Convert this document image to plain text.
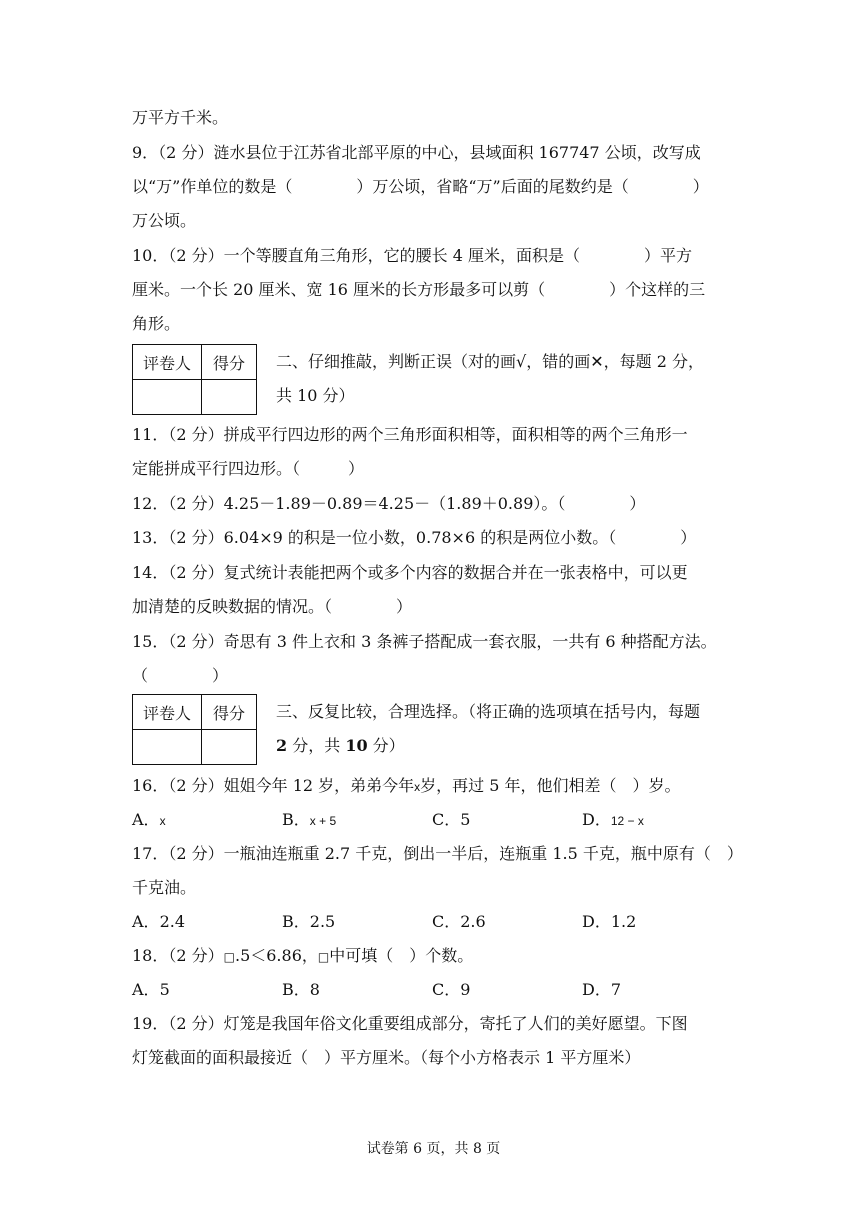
万平方千米。
9．（2 分）涟水县位于江苏省北部平原的中心，县域面积 167747 公顷，改写成
以“万”作单位的数是（　　　　）万公顷，省略“万”后面的尾数约是（　　　　）
万公顷。
10．（2 分）一个等腰直角三角形，它的腰长 4 厘米，面积是（　　　　）平方
厘米。一个长 20 厘米、宽 16 厘米的长方形最多可以剪（　　　　）个这样的三
角形。
评卷人	得分
	二、仔细推敲，判断正误（对的画√，错的画✕，每题 2 分，
共 10 分）
11．（2 分）拼成平行四边形的两个三角形面积相等，面积相等的两个三角形一
定能拼成平行四边形。（　　　）
12．（2 分）4.25－1.89－0.89＝4.25－（1.89＋0.89）。（　　　　）
13．（2 分）6.04×9 的积是一位小数，0.78×6 的积是两位小数。（　　　　）
14．（2 分）复式统计表能把两个或多个内容的数据合并在一张表格中，可以更
加清楚的反映数据的情况。（　　　　）
15．（2 分）奇思有 3 件上衣和 3 条裤子搭配成一套衣服，一共有 6 种搭配方法。
（　　　　）
评卷人	得分
	三、反复比较，合理选择。（将正确的选项填在括号内，每题
2 分，共 10 分）
16．（2 分）姐姐今年 12 岁，弟弟今年x岁，再过 5 年，他们相差（　）岁。
A．x	B．x + 5	C．5	D．12 − x
17．（2 分）一瓶油连瓶重 2.7 千克，倒出一半后，连瓶重 1.5 千克，瓶中原有（　）
千克油。
A．2.4	B．2.5	C．2.6	D．1.2
18．（2 分）□.5＜6.86，□中可填（　）个数。
A．5	B．8	C．9	D．7
19．（2 分）灯笼是我国年俗文化重要组成部分，寄托了人们的美好愿望。下图
灯笼截面的面积最接近（　）平方厘米。（每个小方格表示 1 平方厘米）
试卷第 6 页，共 8 页
